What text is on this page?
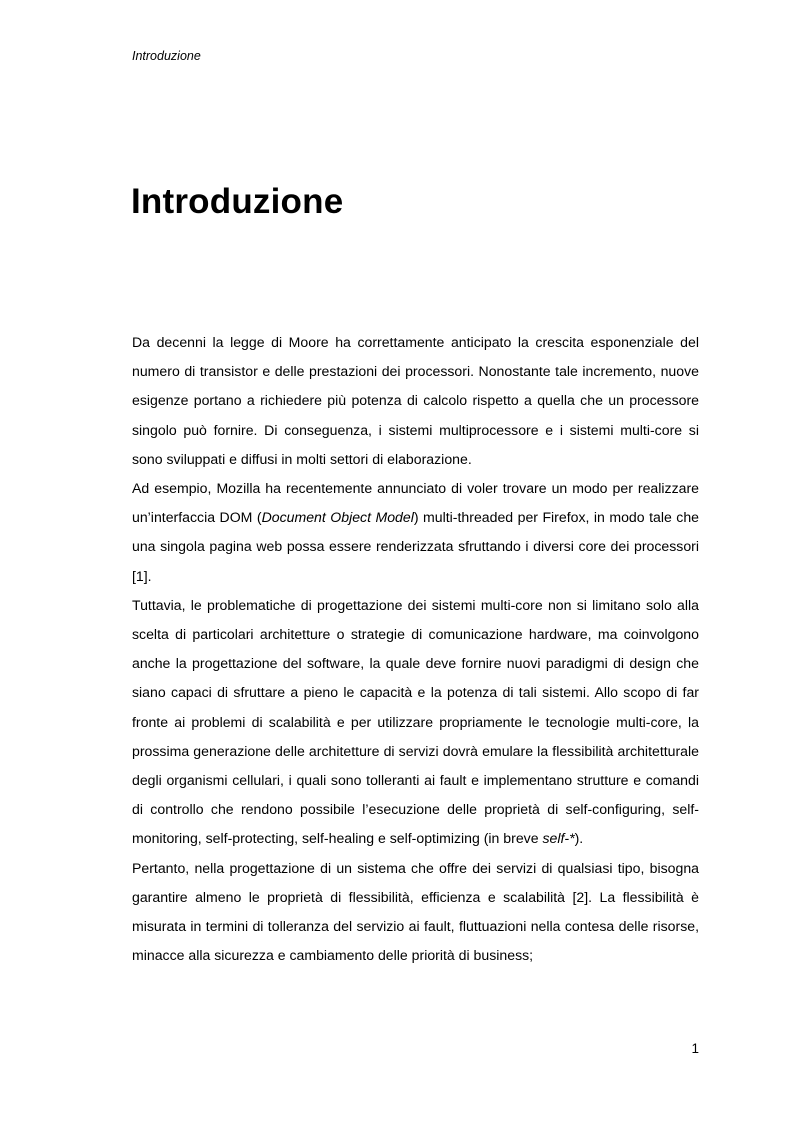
Introduzione
Introduzione

Da decenni la legge di Moore ha correttamente anticipato la crescita esponenziale del numero di transistor e delle prestazioni dei processori. Nonostante tale incremento, nuove esigenze portano a richiedere più potenza di calcolo rispetto a quella che un processore singolo può fornire. Di conseguenza, i sistemi multiprocessore e i sistemi multi-core si sono sviluppati e diffusi in molti settori di elaborazione.

Ad esempio, Mozilla ha recentemente annunciato di voler trovare un modo per realizzare un’interfaccia DOM (Document Object Model) multi-threaded per Firefox, in modo tale che una singola pagina web possa essere renderizzata sfruttando i diversi core dei processori [1].

Tuttavia, le problematiche di progettazione dei sistemi multi-core non si limitano solo alla scelta di particolari architetture o strategie di comunicazione hardware, ma coinvolgono anche la progettazione del software, la quale deve fornire nuovi paradigmi di design che siano capaci di sfruttare a pieno le capacità e la potenza di tali sistemi. Allo scopo di far fronte ai problemi di scalabilità e per utilizzare propriamente le tecnologie multi-core, la prossima generazione delle architetture di servizi dovrà emulare la flessibilità architetturale degli organismi cellulari, i quali sono tolleranti ai fault e implementano strutture e comandi di controllo che rendono possibile l’esecuzione delle proprietà di self-configuring, self-monitoring, self-protecting, self-healing e self-optimizing (in breve self-*).

Pertanto, nella progettazione di un sistema che offre dei servizi di qualsiasi tipo, bisogna garantire almeno le proprietà di flessibilità, efficienza e scalabilità [2]. La flessibilità è misurata in termini di tolleranza del servizio ai fault, fluttuazioni nella contesa delle risorse, minacce alla sicurezza e cambiamento delle priorità di business;

1
